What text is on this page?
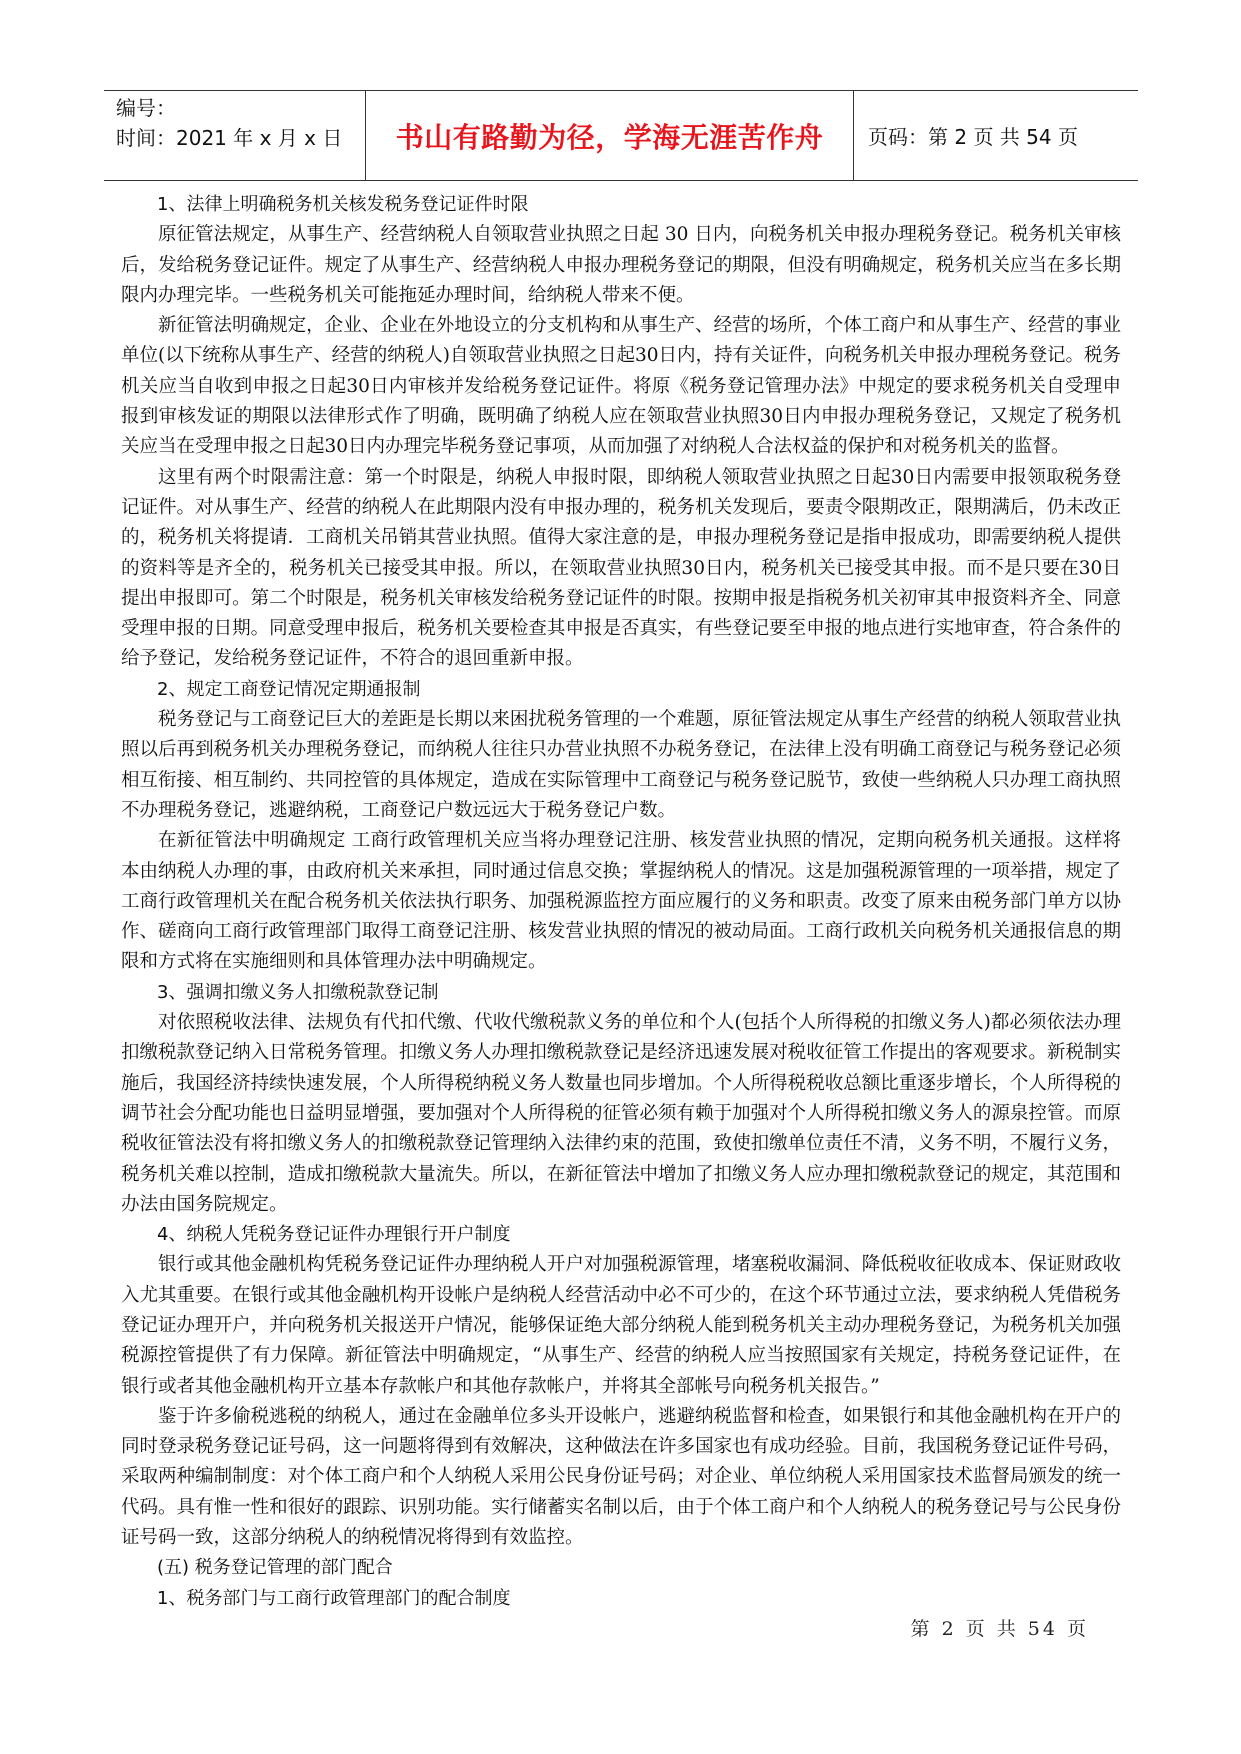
编号：
时间：2021 年 x 月 x 日	书山有路勤为径，学海无涯苦作舟 页码：第 2 页 共 54 页

1、法律上明确税务机关核发税务登记证件时限

原征管法规定，从事生产、经营纳税人自领取营业执照之日起 30 日内，向税务机关申报办理税务登记。税务机关审核后，发给税务登记证件。规定了从事生产、经营纳税人申报办理税务登记的期限，但没有明确规定，税务机关应当在多长期限内办理完毕。一些税务机关可能拖延办理时间，给纳税人带来不便。

新征管法明确规定，企业、企业在外地设立的分支机构和从事生产、经营的场所，个体工商户和从事生产、经营的事业单位(以下统称从事生产、经营的纳税人)自领取营业执照之日起30日内，持有关证件，向税务机关申报办理税务登记。税务机关应当自收到申报之日起30日内审核并发给税务登记证件。将原《税务登记管理办法》中规定的要求税务机关自受理申报到审核发证的期限以法律形式作了明确，既明确了纳税人应在领取营业执照30日内申报办理税务登记，又规定了税务机关应当在受理申报之日起30日内办理完毕税务登记事项，从而加强了对纳税人合法权益的保护和对税务机关的监督。

这里有两个时限需注意：第一个时限是，纳税人申报时限，即纳税人领取营业执照之日起30日内需要申报领取税务登记证件。对从事生产、经营的纳税人在此期限内没有申报办理的，税务机关发现后，要责令限期改正，限期满后，仍未改正的，税务机关将提请．工商机关吊销其营业执照。值得大家注意的是，申报办理税务登记是指申报成功，即需要纳税人提供的资料等是齐全的，税务机关已接受其申报。所以，在领取营业执照30日内，税务机关已接受其申报。而不是只要在30日提出申报即可。第二个时限是，税务机关审核发给税务登记证件的时限。按期申报是指税务机关初审其申报资料齐全、同意受理申报的日期。同意受理申报后，税务机关要检查其申报是否真实，有些登记要至申报的地点进行实地审查，符合条件的给予登记，发给税务登记证件，不符合的退回重新申报。

2、规定工商登记情况定期通报制

税务登记与工商登记巨大的差距是长期以来困扰税务管理的一个难题，原征管法规定从事生产经营的纳税人领取营业执照以后再到税务机关办理税务登记，而纳税人往往只办营业执照不办税务登记，在法律上没有明确工商登记与税务登记必须相互衔接、相互制约、共同控管的具体规定，造成在实际管理中工商登记与税务登记脱节，致使一些纳税人只办理工商执照不办理税务登记，逃避纳税，工商登记户数远远大于税务登记户数。

在新征管法中明确规定 工商行政管理机关应当将办理登记注册、核发营业执照的情况，定期向税务机关通报。这样将本由纳税人办理的事，由政府机关来承担，同时通过信息交换；掌握纳税人的情况。这是加强税源管理的一项举措，规定了工商行政管理机关在配合税务机关依法执行职务、加强税源监控方面应履行的义务和职责。改变了原来由税务部门单方以协作、磋商向工商行政管理部门取得工商登记注册、核发营业执照的情况的被动局面。工商行政机关向税务机关通报信息的期限和方式将在实施细则和具体管理办法中明确规定。

3、强调扣缴义务人扣缴税款登记制

对依照税收法律、法规负有代扣代缴、代收代缴税款义务的单位和个人(包括个人所得税的扣缴义务人)都必须依法办理扣缴税款登记纳入日常税务管理。扣缴义务人办理扣缴税款登记是经济迅速发展对税收征管工作提出的客观要求。新税制实施后，我国经济持续快速发展，个人所得税纳税义务人数量也同步增加。个人所得税税收总额比重逐步增长，个人所得税的调节社会分配功能也日益明显增强，要加强对个人所得税的征管必须有赖于加强对个人所得税扣缴义务人的源泉控管。而原税收征管法没有将扣缴义务人的扣缴税款登记管理纳入法律约束的范围，致使扣缴单位责任不清，义务不明，不履行义务，税务机关难以控制，造成扣缴税款大量流失。所以，在新征管法中增加了扣缴义务人应办理扣缴税款登记的规定，其范围和办法由国务院规定。

4、纳税人凭税务登记证件办理银行开户制度

银行或其他金融机构凭税务登记证件办理纳税人开户对加强税源管理，堵塞税收漏洞、降低税收征收成本、保证财政收入尤其重要。在银行或其他金融机构开设帐户是纳税人经营活动中必不可少的，在这个环节通过立法，要求纳税人凭借税务登记证办理开户，并向税务机关报送开户情况，能够保证绝大部分纳税人能到税务机关主动办理税务登记，为税务机关加强税源控管提供了有力保障。新征管法中明确规定，“从事生产、经营的纳税人应当按照国家有关规定，持税务登记证件，在银行或者其他金融机构开立基本存款帐户和其他存款帐户，并将其全部帐号向税务机关报告。”

鉴于许多偷税逃税的纳税人，通过在金融单位多头开设帐户，逃避纳税监督和检查，如果银行和其他金融机构在开户的同时登录税务登记证号码，这一问题将得到有效解决，这种做法在许多国家也有成功经验。目前，我国税务登记证件号码，采取两种编制制度：对个体工商户和个人纳税人采用公民身份证号码；对企业、单位纳税人采用国家技术监督局颁发的统一代码。具有惟一性和很好的跟踪、识别功能。实行储蓄实名制以后，由于个体工商户和个人纳税人的税务登记号与公民身份证号码一致，这部分纳税人的纳税情况将得到有效监控。

(五) 税务登记管理的部门配合

1、税务部门与工商行政管理部门的配合制度

第 2 页 共 54 页
